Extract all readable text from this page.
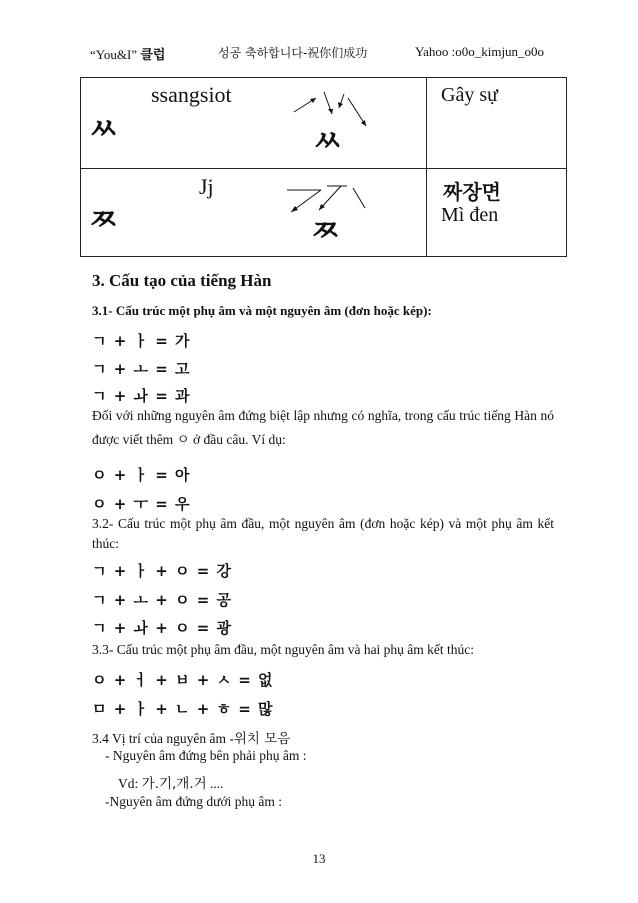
“You&I” 클럽	성공 축하합니다-祝你们成功	Yahoo :o0o_kimjun_o0o
ㅆ
ssangsiot
ㅆ
Gây sự
ㅉ
Jj
ㅉ
짜장면
Mì đen
3. Cấu tạo của tiếng Hàn
3.1- Cấu trúc một phụ âm và một nguyên âm (đơn hoặc kép):
ㄱ + ㅏ = 가
ㄱ + ㅗ = 고
ㄱ + ㅘ = 과
Đối với những nguyên âm đứng biệt lập nhưng có nghĩa, trong cấu trúc tiếng Hàn nó được viết thêm ㅇ ở đầu câu. Ví dụ:
ㅇ + ㅏ = 아
ㅇ + ㅜ = 우
3.2- Cấu trúc một phụ âm đầu, một nguyên âm (đơn hoặc kép) và một phụ âm kết thúc:
ㄱ + ㅏ + ㅇ = 강
ㄱ + ㅗ + ㅇ = 공
ㄱ + ㅘ + ㅇ = 광
3.3- Cấu trúc một phụ âm đầu, một nguyên âm và hai phụ âm kết thúc:
ㅇ + ㅓ + ㅂ + ㅅ = 없
ㅁ + ㅏ + ㄴ + ㅎ = 많
3.4 Vị trí của nguyên âm -위치 모음
- Nguyên âm đứng bên phải phụ âm :
Vd: 가.기,개.거 ....
-Nguyên âm đứng dưới phụ âm :
13
